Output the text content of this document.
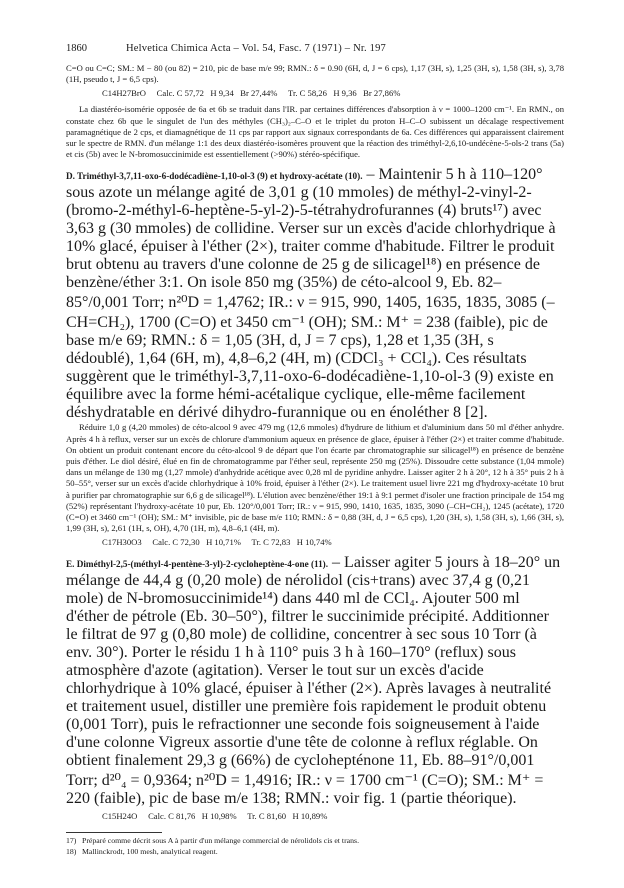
1860	Helvetica Chimica Acta – Vol. 54, Fasc. 7 (1971) – Nr. 197

C=O ou C=C; SM.: M − 80 (ou 82) = 210, pic de base m/e 99; RMN.: δ = 0.90 (6H, d, J = 6 cps), 1,17 (3H, s), 1,25 (3H, s), 1,58 (3H, s), 3,78 (1H, pseudo t, J = 6,5 cps).

C14H27BrO     Calc. C 57,72   H 9,34   Br 27,44%     Tr. C 58,26   H 9,36   Br 27,86%

La diastéréo-isomérie opposée de 6a et 6b se traduit dans l'IR. par certaines différences d'absorption à ν = 1000–1200 cm⁻¹. En RMN., on constate chez 6b que le singulet de l'un des méthyles (CH₃)₂–C–O et le triplet du proton H–C–O subissent un décalage respectivement paramagnétique de 2 cps, et diamagnétique de 11 cps par rapport aux signaux correspondants de 6a. Ces différences qui apparaissent clairement sur le spectre de RMN. d'un mélange 1:1 des deux diastéréo-isomères prouvent que la réaction des triméthyl-2,6,10-undécène-5-ols-2 trans (5a) et cis (5b) avec le N-bromosuccinimide est essentiellement (>90%) stéréo-spécifique.

D. Triméthyl-3,7,11-oxo-6-dodécadiène-1,10-ol-3 (9) et hydroxy-acétate (10). – Maintenir 5 h à 110–120° sous azote un mélange agité de 3,01 g (10 mmoles) de méthyl-2-vinyl-2-(bromo-2-méthyl-6-heptène-5-yl-2)-5-tétrahydrofurannes (4) bruts¹⁷) avec 3,63 g (30 mmoles) de collidine. Verser sur un excès d'acide chlorhydrique à 10% glacé, épuiser à l'éther (2×), traiter comme d'habitude. Filtrer le produit brut obtenu au travers d'une colonne de 25 g de silicagel¹⁸) en présence de benzène/éther 3:1. On isole 850 mg (35%) de céto-alcool 9, Eb. 82–85°/0,001 Torr; n²⁰D = 1,4762; IR.: ν = 915, 990, 1405, 1635, 1835, 3085 (–CH=CH₂), 1700 (C=O) et 3450 cm⁻¹ (OH); SM.: M⁺ = 238 (faible), pic de base m/e 69; RMN.: δ = 1,05 (3H, d, J = 7 cps), 1,28 et 1,35 (3H, s dédoublé), 1,64 (6H, m), 4,8–6,2 (4H, m) (CDCl₃ + CCl₄). Ces résultats suggèrent que le triméthyl-3,7,11-oxo-6-dodécadiène-1,10-ol-3 (9) existe en équilibre avec la forme hémi-acétalique cyclique, elle-même facilement déshydratable en dérivé dihydro-furannique ou en énoléther 8 [2].

Réduire 1,0 g (4,20 mmoles) de céto-alcool 9 avec 479 mg (12,6 mmoles) d'hydrure de lithium et d'aluminium dans 50 ml d'éther anhydre. Après 4 h à reflux, verser sur un excès de chlorure d'ammonium aqueux en présence de glace, épuiser à l'éther (2×) et traiter comme d'habitude. On obtient un produit contenant encore du céto-alcool 9 de départ que l'on écarte par chromatographie sur silicagel¹⁸) en présence de benzène puis d'éther. Le diol désiré, élué en fin de chromatogramme par l'éther seul, représente 250 mg (25%). Dissoudre cette substance (1,04 mmole) dans un mélange de 130 mg (1,27 mmole) d'anhydride acétique avec 0,28 ml de pyridine anhydre. Laisser agiter 2 h à 20°, 12 h à 35° puis 2 h à 50–55°, verser sur un excès d'acide chlorhydrique à 10% froid, épuiser à l'éther (2×). Le traitement usuel livre 221 mg d'hydroxy-acétate 10 brut à purifier par chromatographie sur 6,6 g de silicagel¹⁸). L'élution avec benzène/éther 19:1 à 9:1 permet d'isoler une fraction principale de 154 mg (52%) représentant l'hydroxy-acétate 10 pur, Eb. 120°/0,001 Torr; IR.: ν = 915, 990, 1410, 1635, 1835, 3090 (–CH=CH₂), 1245 (acétate), 1720 (C=O) et 3460 cm⁻¹ (OH); SM.: M⁺ invisible, pic de base m/e 110; RMN.: δ = 0,88 (3H, d, J = 6,5 cps), 1,20 (3H, s), 1,58 (3H, s), 1,66 (3H, s), 1,99 (3H, s), 2,61 (1H, s, OH), 4,70 (1H, m), 4,8–6,1 (4H, m).

C17H30O3     Calc. C 72,30   H 10,71%     Tr. C 72,83   H 10,74%

E. Diméthyl-2,5-(méthyl-4-pentène-3-yl)-2-cycloheptène-4-one (11). – Laisser agiter 5 jours à 18–20° un mélange de 44,4 g (0,20 mole) de nérolidol (cis+trans) avec 37,4 g (0,21 mole) de N-bromosuccinimide¹⁴) dans 440 ml de CCl₄. Ajouter 500 ml d'éther de pétrole (Eb. 30–50°), filtrer le succinimide précipité. Additionner le filtrat de 97 g (0,80 mole) de collidine, concentrer à sec sous 10 Torr (à env. 30°). Porter le résidu 1 h à 110° puis 3 h à 160–170° (reflux) sous atmosphère d'azote (agitation). Verser le tout sur un excès d'acide chlorhydrique à 10% glacé, épuiser à l'éther (2×). Après lavages à neutralité et traitement usuel, distiller une première fois rapidement le produit obtenu (0,001 Torr), puis le refractionner une seconde fois soigneusement à l'aide d'une colonne Vigreux assortie d'une tête de colonne à reflux réglable. On obtient finalement 29,3 g (66%) de cyclohepténone 11, Eb. 88–91°/0,001 Torr; d²⁰₄ = 0,9364; n²⁰D = 1,4916; IR.: ν = 1700 cm⁻¹ (C=O); SM.: M⁺ = 220 (faible), pic de base m/e 138; RMN.: voir fig. 1 (partie théorique).

C15H24O     Calc. C 81,76   H 10,98%     Tr. C 81,60   H 10,89%
17) Préparé comme décrit sous A à partir d'un mélange commercial de nérolidols cis et trans.
18) Mallinckrodt, 100 mesh, analytical reagent.
